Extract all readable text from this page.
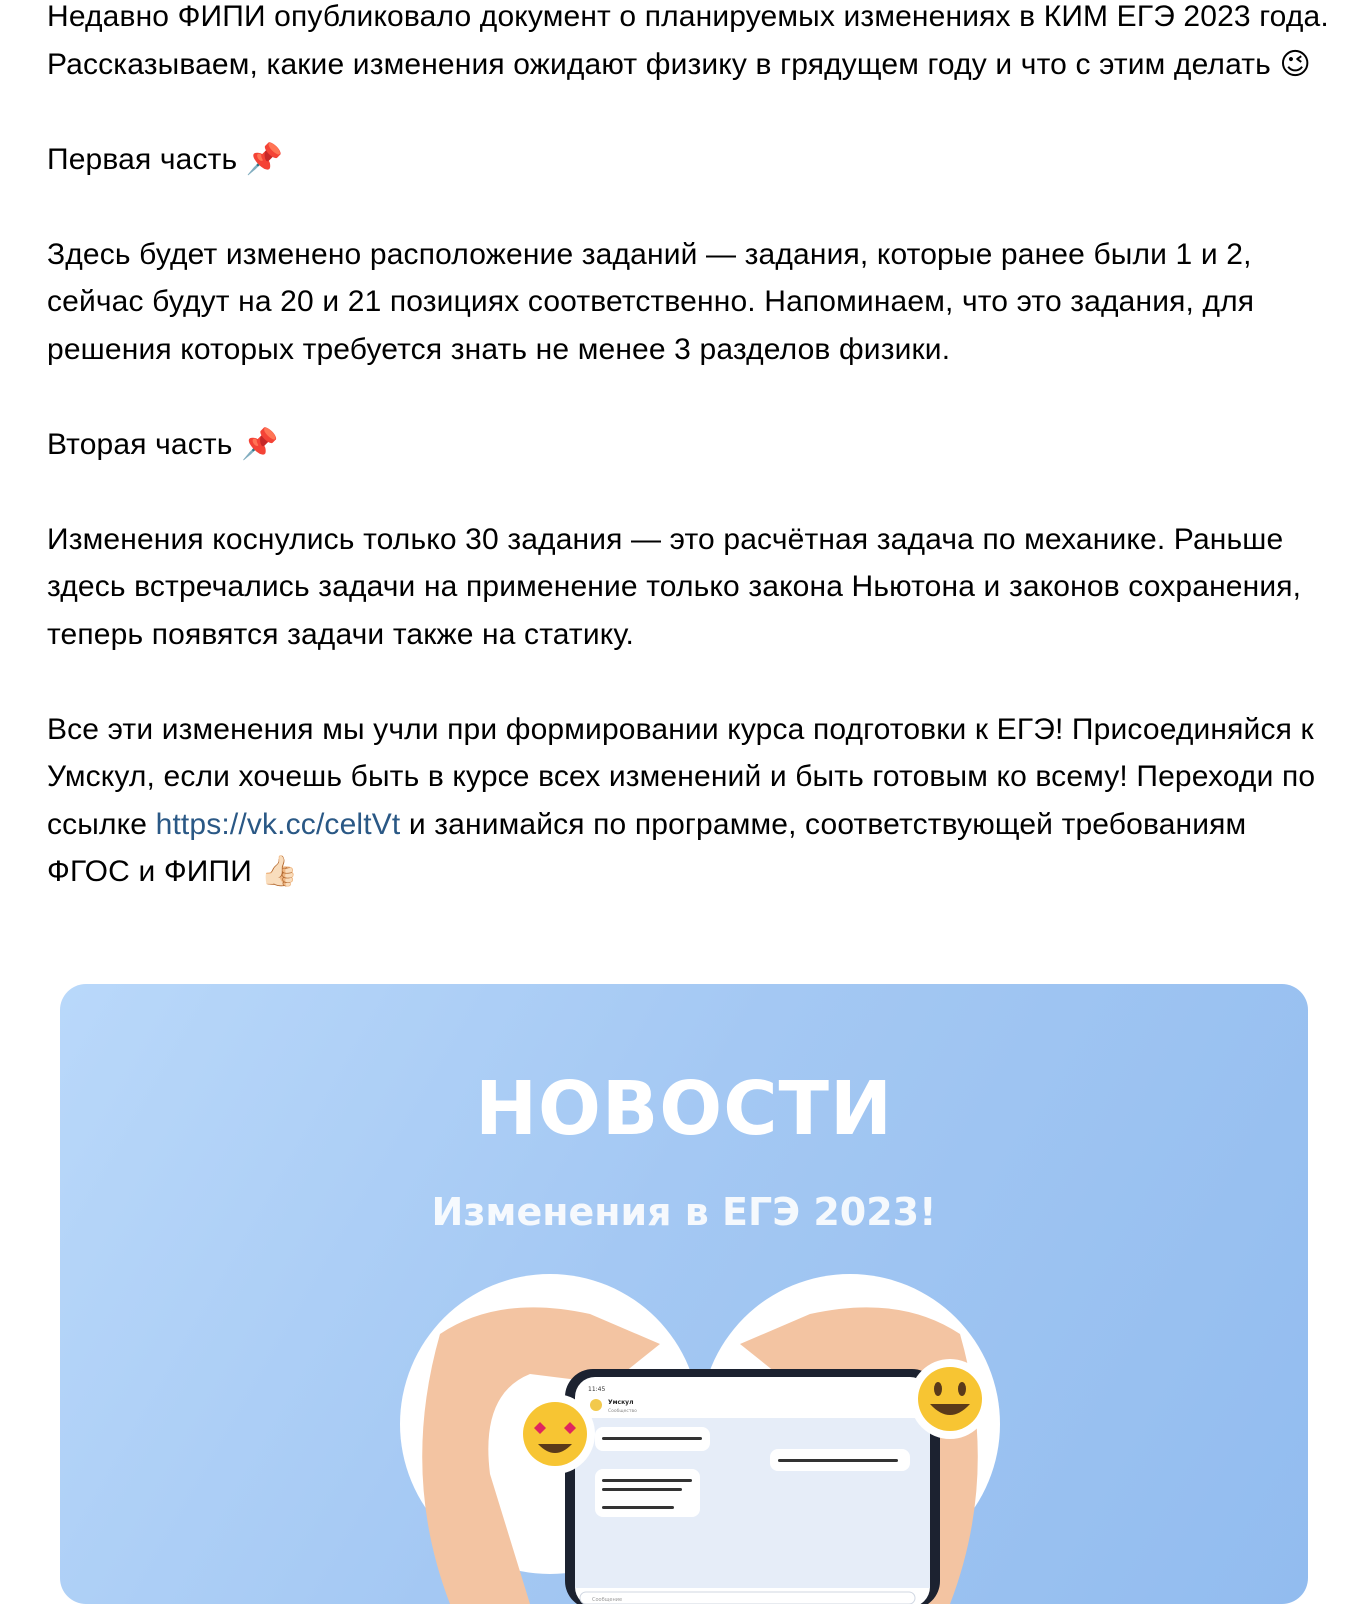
Недавно ФИПИ опубликовало документ о планируемых изменениях в КИМ ЕГЭ 2023 года. Рассказываем, какие изменения ожидают физику в грядущем году и что с этим делать 😉

Первая часть 📌

Здесь будет изменено расположение заданий — задания, которые ранее были 1 и 2, сейчас будут на 20 и 21 позициях соответственно. Напоминаем, что это задания, для решения которых требуется знать не менее 3 разделов физики.

Вторая часть 📌

Изменения коснулись только 30 задания — это расчётная задача по механике. Раньше здесь встречались задачи на применение только закона Ньютона и законов сохранения, теперь появятся задачи также на статику.

Все эти изменения мы учли при формировании курса подготовки к ЕГЭ! Присоединяйся к Умскул, если хочешь быть в курсе всех изменений и быть готовым ко всему! Переходи по ссылке https://vk.cc/celtVt и занимайся по программе, соответствующей требованиям ФГОС и ФИПИ 👍🏻

НОВОСТИ
Изменения в ЕГЭ 2023!
11:45
Умскул
Сообщество
Сообщение
